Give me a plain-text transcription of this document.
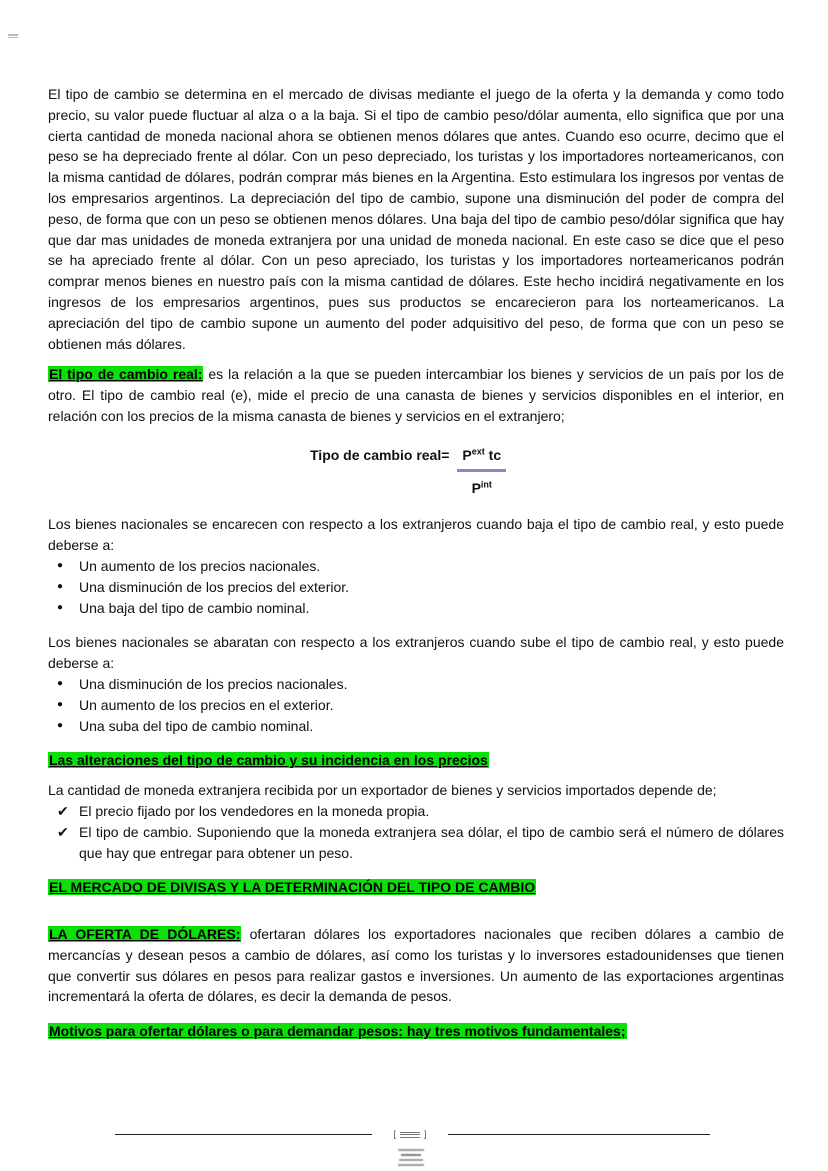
El tipo de cambio se determina en el mercado de divisas mediante el juego de la oferta y la demanda y como todo precio, su valor puede fluctuar al alza o a la baja. Si el tipo de cambio peso/dólar aumenta, ello significa que por una cierta cantidad de moneda nacional ahora se obtienen menos dólares que antes. Cuando eso ocurre, decimo que el peso se ha depreciado frente al dólar. Con un peso depreciado, los turistas y los importadores norteamericanos, con la misma cantidad de dólares, podrán comprar más bienes en la Argentina. Esto estimulara los ingresos por ventas de los empresarios argentinos. La depreciación del tipo de cambio, supone una disminución del poder de compra del peso, de forma que con un peso se obtienen menos dólares. Una baja del tipo de cambio peso/dólar significa que hay que dar mas unidades de moneda extranjera por una unidad de moneda nacional. En este caso se dice que el peso se ha apreciado frente al dólar. Con un peso apreciado, los turistas y los importadores norteamericanos podrán comprar menos bienes en nuestro país con la misma cantidad de dólares. Este hecho incidirá negativamente en los ingresos de los empresarios argentinos, pues sus productos se encarecieron para los norteamericanos. La apreciación del tipo de cambio supone un aumento del poder adquisitivo del peso, de forma que con un peso se obtienen más dólares.

El tipo de cambio real: es la relación a la que se pueden intercambiar los bienes y servicios de un país por los de otro. El tipo de cambio real (e), mide el precio de una canasta de bienes y servicios disponibles en el interior, en relación con los precios de la misma canasta de bienes y servicios en el extranjero;

Tipo de cambio real= $\frac{P^{ext} tc}{P^{int}}$

Los bienes nacionales se encarecen con respecto a los extranjeros cuando baja el tipo de cambio real, y esto puede deberse a:

●	Un aumento de los precios nacionales.
●	Una disminución de los precios del exterior.
●	Una baja del tipo de cambio nominal.

Los bienes nacionales se abaratan con respecto a los extranjeros cuando sube el tipo de cambio real, y esto puede deberse a:

●	Una disminución de los precios nacionales.
●	Un aumento de los precios en el exterior.
●	Una suba del tipo de cambio nominal.
Las alteraciones del tipo de cambio y su incidencia en los precios

La cantidad de moneda extranjera recibida por un exportador de bienes y servicios importados depende de;

✔ El precio fijado por los vendedores en la moneda propia.
✔ El tipo de cambio. Suponiendo que la moneda extranjera sea dólar, el tipo de cambio será el número de dólares que hay que entregar para obtener un peso.
EL MERCADO DE DIVISAS Y LA DETERMINACIÓN DEL TIPO DE CAMBIO

LA OFERTA DE DÓLARES: ofertaran dólares los exportadores nacionales que reciben dólares a cambio de mercancías y desean pesos a cambio de dólares, así como los turistas y lo inversores estadounidenses que tienen que convertir sus dólares en pesos para realizar gastos e inversiones. Un aumento de las exportaciones argentinas incrementará la oferta de dólares, es decir la demanda de pesos.

Motivos para ofertar dólares o para demandar pesos: hay tres motivos fundamentales;
[	]
